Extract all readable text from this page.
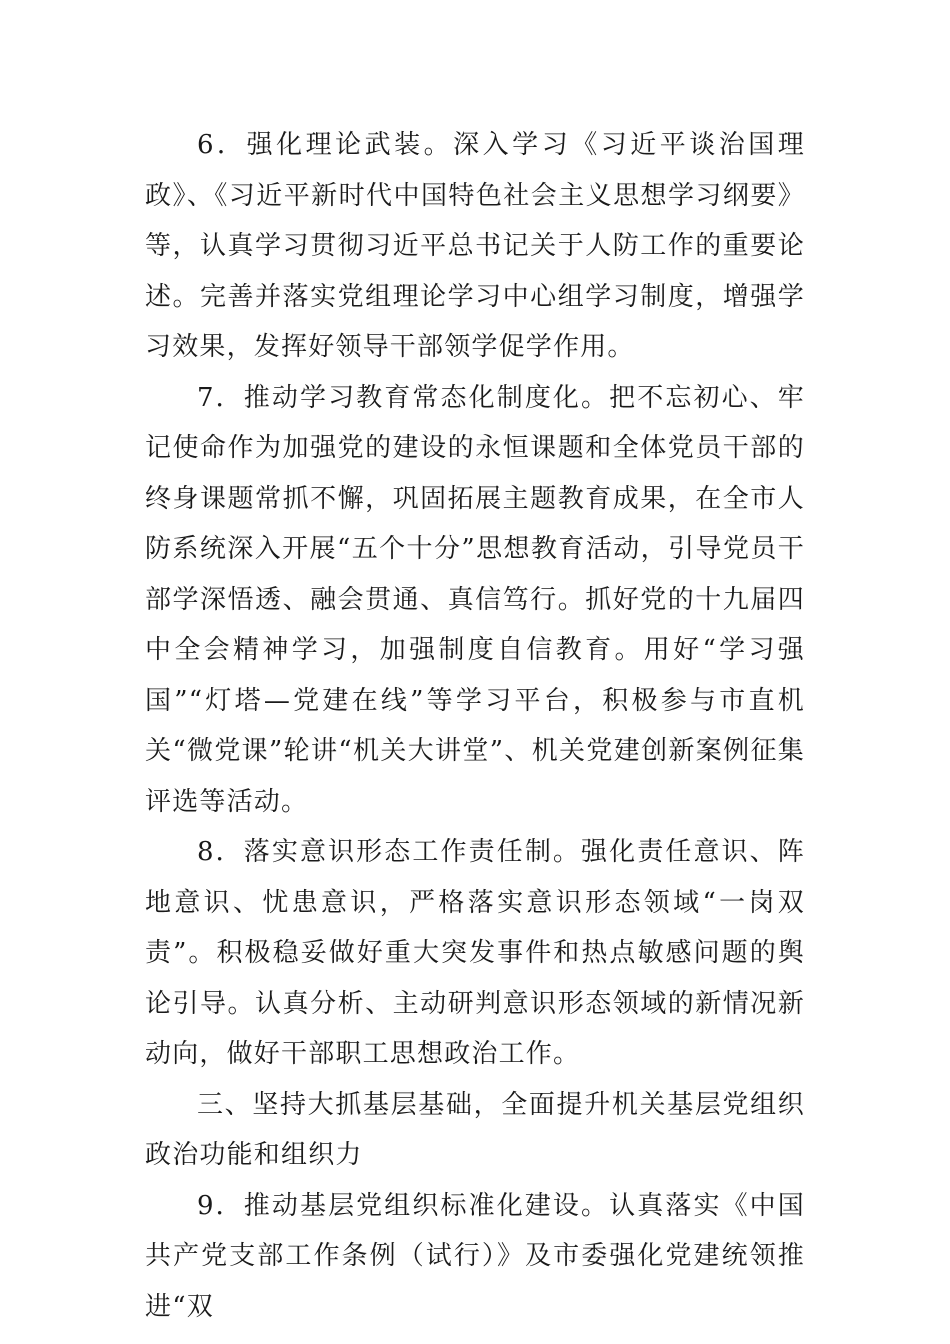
6．强化理论武装。深入学习《习近平谈治国理政》、《习近平新时代中国特色社会主义思想学习纲要》等，认真学习贯彻习近平总书记关于人防工作的重要论述。完善并落实党组理论学习中心组学习制度，增强学习效果，发挥好领导干部领学促学作用。

7．推动学习教育常态化制度化。把不忘初心、牢记使命作为加强党的建设的永恒课题和全体党员干部的终身课题常抓不懈，巩固拓展主题教育成果，在全市人防系统深入开展“五个十分”思想教育活动，引导党员干部学深悟透、融会贯通、真信笃行。抓好党的十九届四中全会精神学习，加强制度自信教育。用好“学习强国”“灯塔—党建在线”等学习平台，积极参与市直机关“微党课”轮讲“机关大讲堂”、机关党建创新案例征集评选等活动。

8．落实意识形态工作责任制。强化责任意识、阵地意识、忧患意识，严格落实意识形态领域“一岗双责”。积极稳妥做好重大突发事件和热点敏感问题的舆论引导。认真分析、主动研判意识形态领域的新情况新动向，做好干部职工思想政治工作。

三、坚持大抓基层基础，全面提升机关基层党组织政治功能和组织力

9．推动基层党组织标准化建设。认真落实《中国共产党支部工作条例（试行）》及市委强化党建统领推进“双
